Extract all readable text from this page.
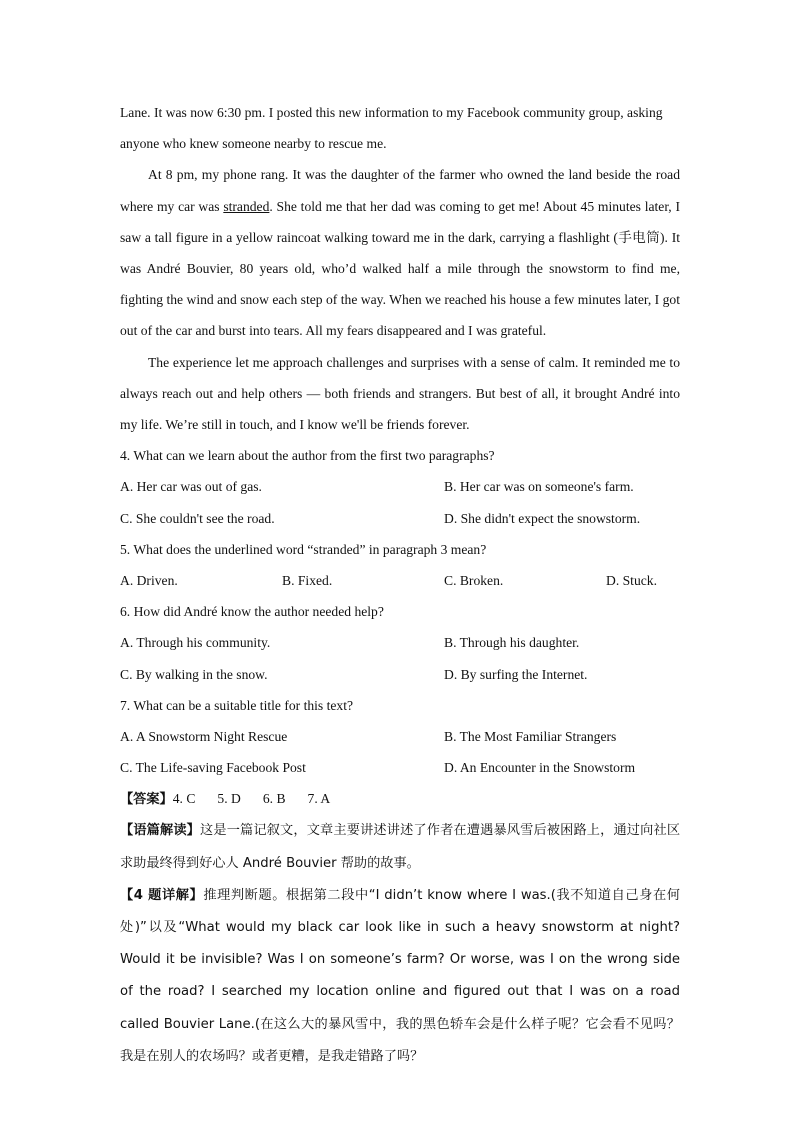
Lane. It was now 6:30 pm. I posted this new information to my Facebook community group, asking
anyone who knew someone nearby to rescue me.

At 8 pm, my phone rang. It was the daughter of the farmer who owned the land beside the road where my car was stranded. She told me that her dad was coming to get me! About 45 minutes later, I saw a tall figure in a yellow raincoat walking toward me in the dark, carrying a flashlight (手电筒). It was André Bouvier, 80 years old, who’d walked half a mile through the snowstorm to find me, fighting the wind and snow each step of the way. When we reached his house a few minutes later, I got out of the car and burst into tears. All my fears disappeared and I was grateful.

The experience let me approach challenges and surprises with a sense of calm. It reminded me to always reach out and help others — both friends and strangers. But best of all, it brought André into my life. We’re still in touch, and I know we'll be friends forever.

4. What can we learn about the author from the first two paragraphs?
A. Her car was out of gas.	B. Her car was on someone's farm.
C. She couldn't see the road.	D. She didn't expect the snowstorm.
5. What does the underlined word “stranded” in paragraph 3 mean?
A. Driven.	B. Fixed.	C. Broken.	D. Stuck.
6. How did André know the author needed help?
A. Through his community.	B. Through his daughter.
C. By walking in the snow.	D. By surfing the Internet.
7. What can be a suitable title for this text?
A. A Snowstorm Night Rescue	B. The Most Familiar Strangers
C. The Life-saving Facebook Post	D. An Encounter in the Snowstorm
【答案】4. C 5. D 6. B 7. A

【语篇解读】这是一篇记叙文，文章主要讲述讲述了作者在遭遇暴风雪后被困路上，通过向社区求助最终得到好心人 André Bouvier 帮助的故事。

【4 题详解】推理判断题。根据第二段中“I didn’t know where I was.(我不知道自己身在何处)”以及“What would my black car look like in such a heavy snowstorm at night? Would it be invisible? Was I on someone’s farm? Or worse, was I on the wrong side of the road? I searched my location online and figured out that I was on a road called Bouvier Lane.(在这么大的暴风雪中，我的黑色轿车会是什么样子呢？它会看不见吗？我是在别人的农场吗？或者更糟，是我走错路了吗？
